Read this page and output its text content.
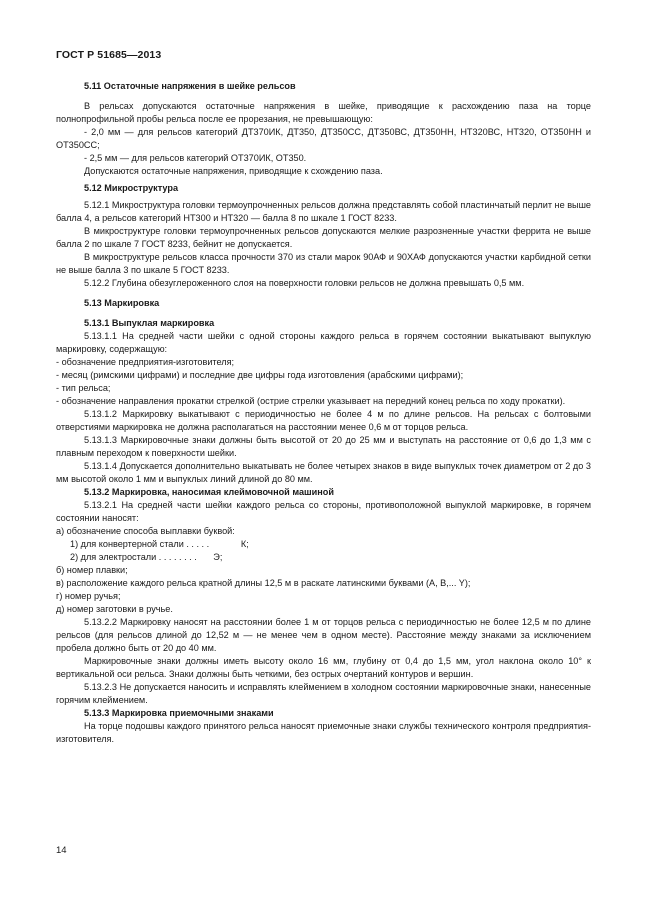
ГОСТ Р 51685—2013

5.11 Остаточные напряжения в шейке рельсов

В рельсах допускаются остаточные напряжения в шейке, приводящие к расхождению паза на торце полнопрофильной пробы рельса после ее прорезания, не превышающую:

- 2,0 мм — для рельсов категорий ДТ370ИК, ДТ350, ДТ350СС, ДТ350ВС, ДТ350НН, НТ320ВС, НТ320, ОТ350НН и ОТ350СС;

- 2,5 мм — для рельсов категорий ОТ370ИК, ОТ350.

Допускаются остаточные напряжения, приводящие к схождению паза.

5.12 Микроструктура

5.12.1 Микроструктура головки термоупрочненных рельсов должна представлять собой пластинчатый перлит не выше балла 4, а рельсов категорий НТ300 и НТ320 — балла 8 по шкале 1 ГОСТ 8233.

В микроструктуре головки термоупрочненных рельсов допускаются мелкие разрозненные участки феррита не выше балла 2 по шкале 7 ГОСТ 8233, бейнит не допускается.

В микроструктуре рельсов класса прочности 370 из стали марок 90АФ и 90ХАФ допускаются участки карбидной сетки не выше балла 3 по шкале 5 ГОСТ 8233.

5.12.2 Глубина обезуглероженного слоя на поверхности головки рельсов не должна превышать 0,5 мм.

5.13 Маркировка

5.13.1 Выпуклая маркировка

5.13.1.1 На средней части шейки с одной стороны каждого рельса в горячем состоянии выкатывают выпуклую маркировку, содержащую:

- обозначение предприятия-изготовителя;

- месяц (римскими цифрами) и последние две цифры года изготовления (арабскими цифрами);

- тип рельса;

- обозначение направления прокатки стрелкой (острие стрелки указывает на передний конец рельса по ходу прокатки).

5.13.1.2 Маркировку выкатывают с периодичностью не более 4 м по длине рельсов. На рельсах с болтовыми отверстиями маркировка не должна располагаться на расстоянии менее 0,6 м от торцов рельса.

5.13.1.3 Маркировочные знаки должны быть высотой от 20 до 25 мм и выступать на расстояние от 0,6 до 1,3 мм с плавным переходом к поверхности шейки.

5.13.1.4 Допускается дополнительно выкатывать не более четырех знаков в виде выпуклых точек диаметром от 2 до 3 мм высотой около 1 мм и выпуклых линий длиной до 80 мм.

5.13.2 Маркировка, наносимая клеймовочной машиной

5.13.2.1 На средней части шейки каждого рельса со стороны, противоположной выпуклой маркировке, в горячем состоянии наносят:

а) обозначение способа выплавки буквой:

1) для конвертерной стали . . . . .	К;

2) для электростали . . . . . . . . Э;

б) номер плавки;

в) расположение каждого рельса кратной длины 12,5 м в раскате латинскими буквами (A, B,... Y);

г) номер ручья;

д) номер заготовки в ручье.

5.13.2.2 Маркировку наносят на расстоянии более 1 м от торцов рельса с периодичностью не более 12,5 м по длине рельсов (для рельсов длиной до 12,52 м — не менее чем в одном месте). Расстояние между знаками за исключением пробела должно быть от 20 до 40 мм.

Маркировочные знаки должны иметь высоту около 16 мм, глубину от 0,4 до 1,5 мм, угол наклона около 10° к вертикальной оси рельса. Знаки должны быть четкими, без острых очертаний контуров и вершин.

5.13.2.3 Не допускается наносить и исправлять клеймением в холодном состоянии маркировочные знаки, нанесенные горячим клеймением.

5.13.3 Маркировка приемочными знаками

На торце подошвы каждого принятого рельса наносят приемочные знаки службы технического контроля предприятия-изготовителя.

14
